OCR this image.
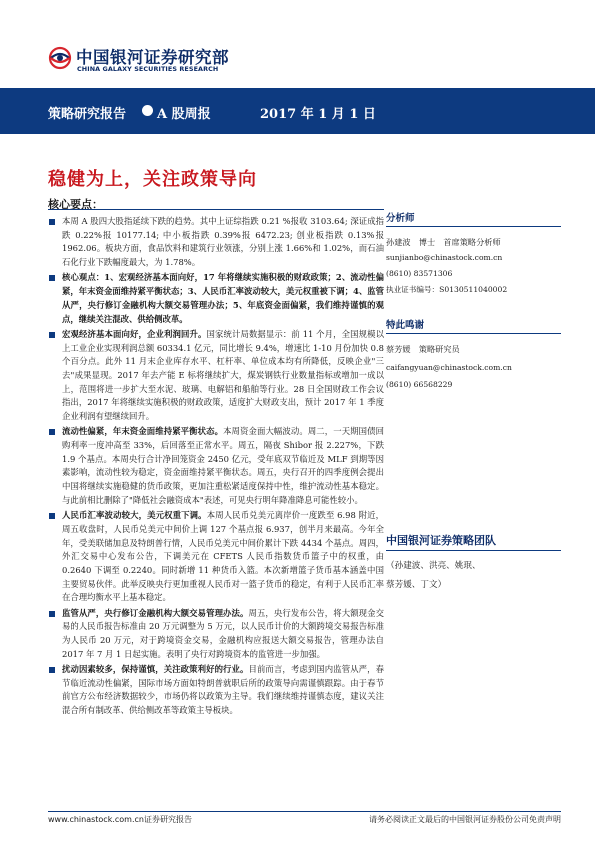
中国银河证券研究部
CHINA GALAXY SECURITIES RESEARCH
策略研究报告 A 股周报	2017 年 1 月 1 日
稳健为上，关注政策导向
核心要点：
本周 A 股四大股指延续下跌的趋势。其中上证综指跌 0.21 %报收 3103.64; 深证成指跌 0.22%报 10177.14; 中小板指跌 0.39%报 6472.23; 创业板指跌 0.13%报 1962.06。板块方面，食品饮料和建筑行业领涨，分别上涨 1.66%和 1.02%，而石油石化行业下跌幅度最大，为 1.78%。
核心观点：1、宏观经济基本面向好，17 年将继续实施积极的财政政策；2、流动性偏紧，年末资金面维持紧平衡状态；3、人民币汇率波动较大，美元权重被下调；4、监管从严，央行修订金融机构大额交易管理办法；5、年底资金面偏紧，我们维持谨慎的观点，继续关注混改、供给侧改革。
宏观经济基本面向好，企业利润回升。国家统计局数据显示：前 11 个月，全国规模以上工业企业实现利润总额 60334.1 亿元，同比增长 9.4%，增速比 1-10 月份加快 0.8 个百分点。此外 11 月末企业库存水平、杠杆率、单位成本均有所降低，反映企业"三去"成果显现。2017 年去产能 E 标将继续扩大，煤炭钢铁行业数量指标或增加一成以上，范围将进一步扩大至水泥、玻璃、电解铝和船舶等行业。28 日全国财政工作会议指出，2017 年将继续实施积极的财政政策，适度扩大财政支出，预计 2017 年 1 季度企业利润有望继续回升。
流动性偏紧，年末资金面维持紧平衡状态。本周资金面大幅波动。周二，一天期国债回购利率一度冲高至 33%，后回落至正常水平。周五，隔夜 Shibor 报 2.227%，下跌 1.9 个基点。本周央行合计净回笼资金 2450 亿元，受年底双节临近及 MLF 到期等因素影响，流动性较为稳定，资金面维持紧平衡状态。周五，央行召开的四季度例会提出中国将继续实施稳健的货币政策，更加注重松紧适度保持中性，维护流动性基本稳定。与此前相比删除了"降低社会融资成本"表述，可见央行明年降准降息可能性较小。
人民币汇率波动较大，美元权重下调。本周人民币兑美元离岸价一度跌至 6.98 附近，周五收盘时，人民币兑美元中间价上调 127 个基点报 6.937，创半月来最高。今年全年，受美联储加息及特朗普行情，人民币兑美元中间价累计下跌 4434 个基点。周四，外汇交易中心发布公告，下调美元在 CFETS 人民币指数货币篮子中的权重，由 0.2640 下调至 0.2240。同时新增 11 种货币入篮。本次新增篮子货币基本涵盖中国主要贸易伙伴。此举反映央行更加重视人民币对一篮子货币的稳定，有利于人民币汇率在合理均衡水平上基本稳定。
监管从严，央行修订金融机构大额交易管理办法。周五，央行发布公告，将大额现金交易的人民币报告标准由 20 万元调整为 5 万元，以人民币计价的大额跨境交易报告标准为人民币 20 万元，对于跨境资金交易，金融机构应报送大额交易报告，管理办法自 2017 年 7 月 1 日起实施。表明了央行对跨境资本的监管进一步加强。
扰动因素较多，保持谨慎，关注政策利好的行业。目前而言，考虑到国内监管从严，春节临近流动性偏紧，国际市场方面如特朗普就职后所的政策导向需谨慎跟踪。由于春节前官方公布经济数据较少，市场仍将以政策为主导。我们继续维持谨慎态度，建议关注混合所有制改革、供给侧改革等政策主导板块。
分析师
孙建波　博士　首席策略分析师
sunjianbo@chinastock.com.cn
(8610) 83571306
执业证书编号：S0130511040002
特此鸣谢
蔡芳媛　策略研究员
caifangyuan@chinastock.com.cn
(8610) 66568229
中国银河证券策略团队
（孙建波、洪亮、姚珉、
蔡芳媛、丁文）
www.chinastock.com.cn证券研究报告	请务必阅读正文最后的中国银河证券股份公司免责声明
